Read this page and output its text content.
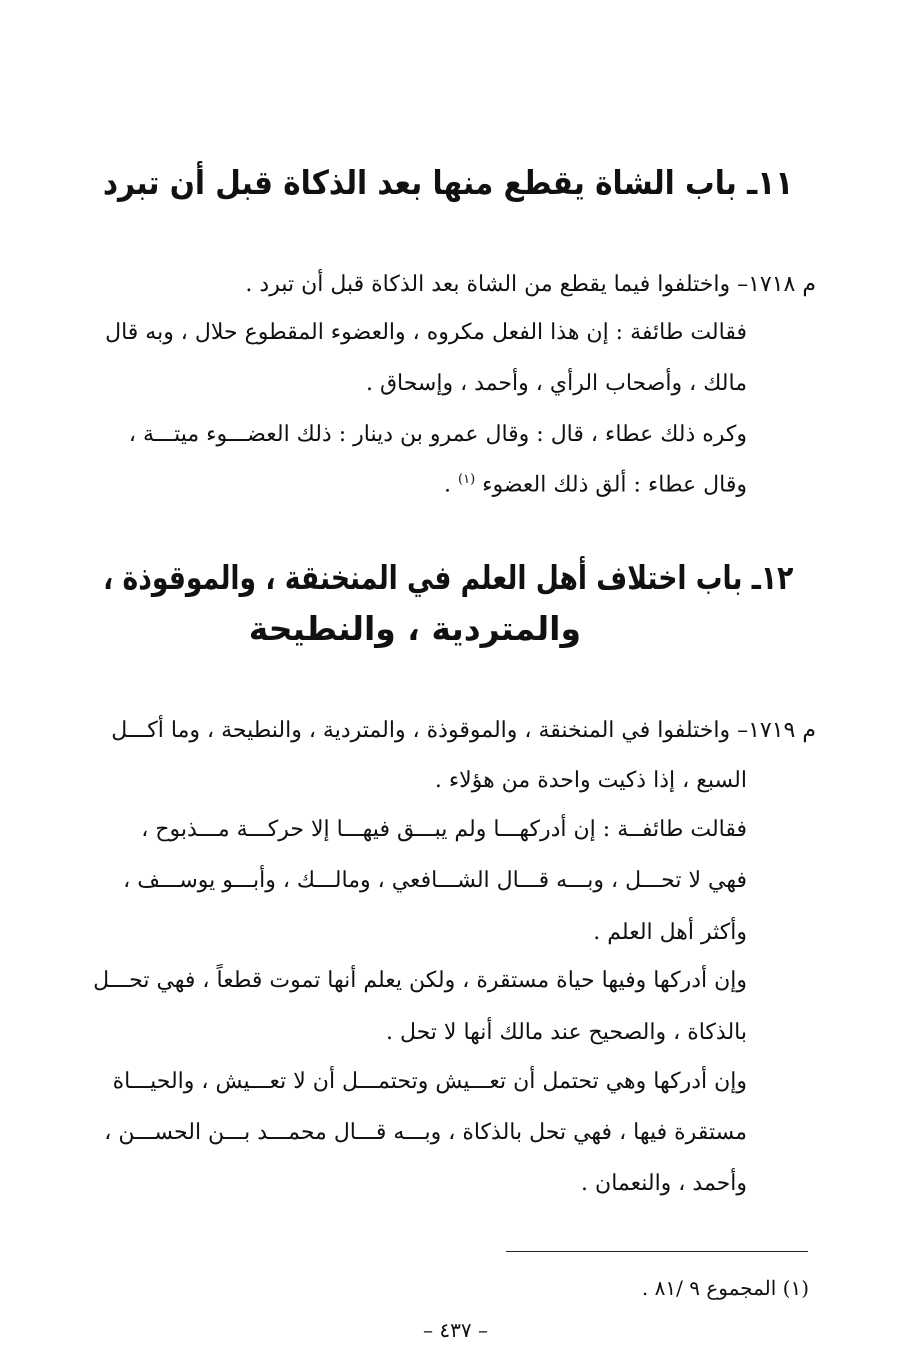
١١ـ باب الشاة يقطع منها بعد الذكاة قبل أن تبرد
م ١٧١٨– واختلفوا فيما يقطع من الشاة بعد الذكاة قبل أن تبرد .
فقالت طائفة : إن هذا الفعل مكروه ، والعضوء المقطوع حلال ، وبه قال
مالك ، وأصحاب الرأي ، وأحمد ، وإسحاق .
وكره ذلك عطاء ، قال : وقال عمرو بن دينار : ذلك العضـــوء ميتـــة ،
وقال عطاء : ألق ذلك العضوء $^{(١)}$ .
١٢ـ باب اختلاف أهل العلم في المنخنقة ، والموقوذة ،
والمتردية ، والنطيحة
م ١٧١٩– واختلفوا في المنخنقة ، والموقوذة ، والمتردية ، والنطيحة ، وما أكـــل
السبع ، إذا ذكيت واحدة من هؤلاء .
فقالت طائفــة : إن أدركهـــا ولم يبـــق فيهـــا إلا حركـــة مـــذبوح ،
فهي لا تحـــل ، وبـــه قـــال الشـــافعي ، ومالـــك ، وأبـــو يوســـف ،
وأكثر أهل العلم .
وإن أدركها وفيها حياة مستقرة ، ولكن يعلم أنها تموت قطعاً ، فهي تحـــل
بالذكاة ، والصحيح عند مالك أنها لا تحل .
وإن أدركها وهي تحتمل أن تعـــيش وتحتمـــل أن لا تعـــيش ، والحيـــاة
مستقرة فيها ، فهي تحل بالذكاة ، وبـــه قـــال محمـــد بـــن الحســـن ،
وأحمد ، والنعمان .
(١) المجموع ٩ /٨١ .
– ٤٣٧ –
